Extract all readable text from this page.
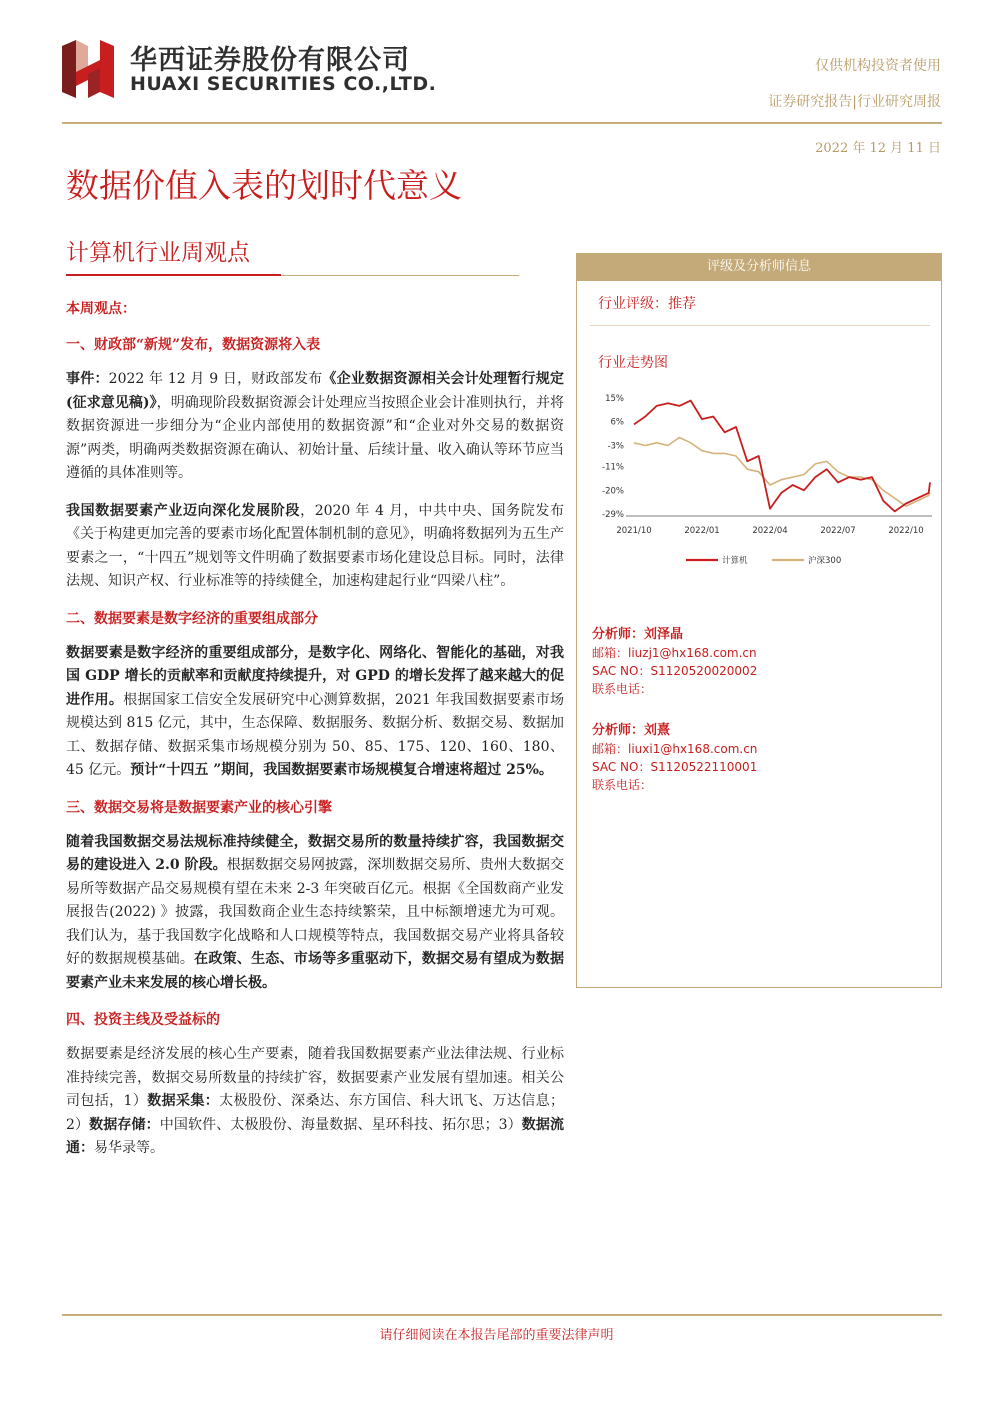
华西证券股份有限公司
HUAXI SECURITIES CO.,LTD.
仅供机构投资者使用
证券研究报告|行业研究周报
2022 年 12 月 11 日
数据价值入表的划时代意义
计算机行业周观点
本周观点：
一、财政部“新规”发布，数据资源将入表

事件：2022 年 12 月 9 日，财政部发布《企业数据资源相关会计处理暂行规定(征求意见稿)》，明确现阶段数据资源会计处理应当按照企业会计准则执行，并将数据资源进一步细分为“企业内部使用的数据资源”和“企业对外交易的数据资源”两类，明确两类数据资源在确认、初始计量、后续计量、收入确认等环节应当遵循的具体准则等。

我国数据要素产业迈向深化发展阶段，2020 年 4 月，中共中央、国务院发布《关于构建更加完善的要素市场化配置体制机制的意见》，明确将数据列为五生产要素之一，“十四五”规划等文件明确了数据要素市场化建设总目标。同时，法律法规、知识产权、行业标准等的持续健全，加速构建起行业“四梁八柱”。

二、数据要素是数字经济的重要组成部分

数据要素是数字经济的重要组成部分，是数字化、网络化、智能化的基础，对我国 GDP 增长的贡献率和贡献度持续提升，对 GPD 的增长发挥了越来越大的促进作用。根据国家工信安全发展研究中心测算数据，2021 年我国数据要素市场规模达到 815 亿元，其中，生态保障、数据服务、数据分析、数据交易、数据加工、数据存储、数据采集市场规模分别为 50、85、175、120、160、180、45 亿元。预计“十四五 ”期间，我国数据要素市场规模复合增速将超过 25%。

三、数据交易将是数据要素产业的核心引擎

随着我国数据交易法规标准持续健全，数据交易所的数量持续扩容，我国数据交易的建设进入 2.0 阶段。根据数据交易网披露，深圳数据交易所、贵州大数据交易所等数据产品交易规模有望在未来 2-3 年突破百亿元。根据《全国数商产业发展报告(2022) 》披露，我国数商企业生态持续繁荣，且中标额增速尤为可观。我们认为，基于我国数字化战略和人口规模等特点，我国数据交易产业将具备较好的数据规模基础。在政策、生态、市场等多重驱动下，数据交易有望成为数据要素产业未来发展的核心增长极。

四、投资主线及受益标的

数据要素是经济发展的核心生产要素，随着我国数据要素产业法律法规、行业标准持续完善，数据交易所数量的持续扩容，数据要素产业发展有望加速。相关公司包括，1）数据采集：太极股份、深桑达、东方国信、科大讯飞、万达信息；2）数据存储：中国软件、太极股份、海量数据、星环科技、拓尔思；3）数据流通：易华录等。

评级及分析师信息
行业评级：推荐
行业走势图
15%
6%
-3%
-11%
-20%
-29%
2021/10	2022/01	2022/04	2022/07	2022/10
计算机	沪深300
分析师：刘泽晶
邮箱：liuzj1@hx168.com.cn
SAC NO：S1120520020002
联系电话：
分析师：刘熹
邮箱：liuxi1@hx168.com.cn
SAC NO：S1120522110001
联系电话：
请仔细阅读在本报告尾部的重要法律声明
